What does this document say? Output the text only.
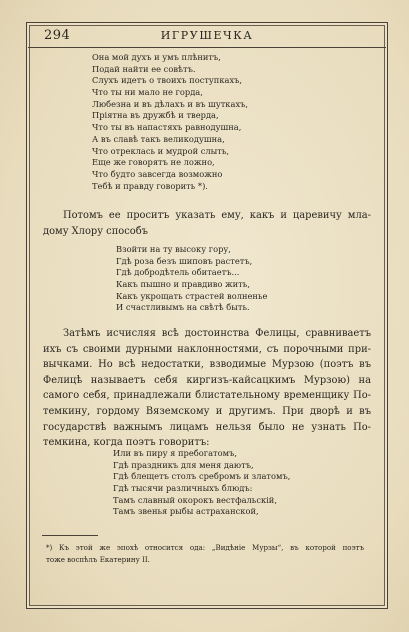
294	ИГРУШЕЧКА
Она мой духъ и умъ плѣнитъ,
Подай найти ее совѣтъ.
Слухъ идетъ о твоихъ поступкахъ,
Что ты ни мало не горда,
Любезна и въ дѣлахъ и въ шуткахъ,
Пріятна въ дружбѣ и тверда,
Что ты въ напастяхъ равнодушна,
А въ славѣ такъ великодушна,
Что отреклась и мудрой слыть,
Еще же говорятъ не ложно,
Что будто завсегда возможно
Тебѣ и правду говорить *).
Потомъ ее проситъ указать ему, какъ и царевичу мла-
дому Хлору способъ
Взойти на ту высоку гору,
Гдѣ роза безъ шиповъ растетъ,
Гдѣ добродѣтель обитаетъ...
Какъ пышно и правдиво жить,
Какъ укрощать страстей волненье
И счастливымъ на свѣтѣ быть.
Затѣмъ исчисляя всѣ достоинства Фелицы, сравниваетъ
ихъ съ своими дурными наклонностями, съ порочными при-
вычками. Но всѣ недостатки, взводимые Мурзою (поэтъ въ
Фелицѣ называетъ себя киргизъ-кайсацкимъ Мурзою) на
самого себя, принадлежали блистательному временщику По-
темкину, гордому Вяземскому и другимъ. При дворѣ и въ
государствѣ важнымъ лицамъ нельзя было не узнать По-
темкина, когда поэтъ говоритъ:
Или въ пиру я пребогатомъ,
Гдѣ праздникъ для меня даютъ,
Гдѣ блещетъ столъ сребромъ и златомъ,
Гдѣ тысячи различныхъ блюдъ:
Тамъ славный окорокъ вестфальскій,
Тамъ звенья рыбы астраханской,
*) Къ этой же эпохѣ относится ода: „Видѣніе Мурзы“, въ которой поэтъ
тоже воспѣлъ Екатерину II.
